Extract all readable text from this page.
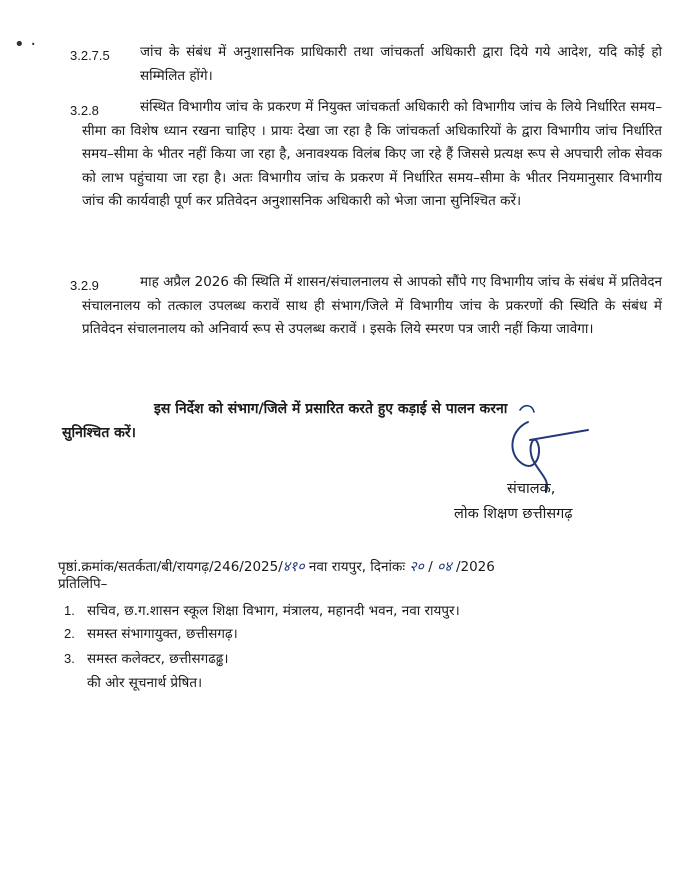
• ·
3.2.7.5 जांच के संबंध में अनुशासनिक प्राधिकारी तथा जांचकर्ता अधिकारी द्वारा दिये गये आदेश, यदि कोई हो सम्मिलित होंगे।

3.2.8	संस्थित विभागीय जांच के प्रकरण में नियुक्त जांचकर्ता अधिकारी को विभागीय जांच के लिये निर्धारित समय–सीमा का विशेष ध्यान रखना चाहिए । प्रायः देखा जा रहा है कि जांचकर्ता अधिकारियों के द्वारा विभागीय जांच निर्धारित समय–सीमा के भीतर नहीं किया जा रहा है, अनावश्यक विलंब किए जा रहे हैं जिससे प्रत्यक्ष रूप से अपचारी लोक सेवक को लाभ पहुंचाया जा रहा है। अतः विभागीय जांच के प्रकरण में निर्धारित समय–सीमा के भीतर नियमानुसार विभागीय जांच की कार्यवाही पूर्ण कर प्रतिवेदन अनुशासनिक अधिकारी को भेजा जाना सुनिश्चित करें।

3.2.9	माह अप्रैल 2026 की स्थिति में शासन/संचालनालय से आपको सौंपे गए विभागीय जांच के संबंध में प्रतिवेदन संचालनालय को तत्काल उपलब्ध करावें साथ ही संभाग/जिले में विभागीय जांच के प्रकरणों की स्थिति के संबंध में प्रतिवेदन संचालनालय को अनिवार्य रूप से उपलब्ध करावें । इसके लिये स्मरण पत्र जारी नहीं किया जावेगा।

इस निर्देश को संभाग/जिले में प्रसारित करते हुए कड़ाई से पालन करना
सुनिश्चित करें।
संचालक,
लोक शिक्षण छत्तीसगढ़
पृष्ठां.क्रमांक/सतर्कता/बी/रायगढ़/246/2025/४१० नवा रायपुर, दिनांकः २० / ०४ /2026
प्रतिलिपि–
1. सचिव, छ.ग.शासन स्कूल शिक्षा विभाग, मंत्रालय, महानदी भवन, नवा रायपुर।
2. समस्त संभागायुक्त, छत्तीसगढ़।
3. समस्त कलेक्टर, छत्तीसगढढ्ढ।
की ओर सूचनार्थ प्रेषित।
